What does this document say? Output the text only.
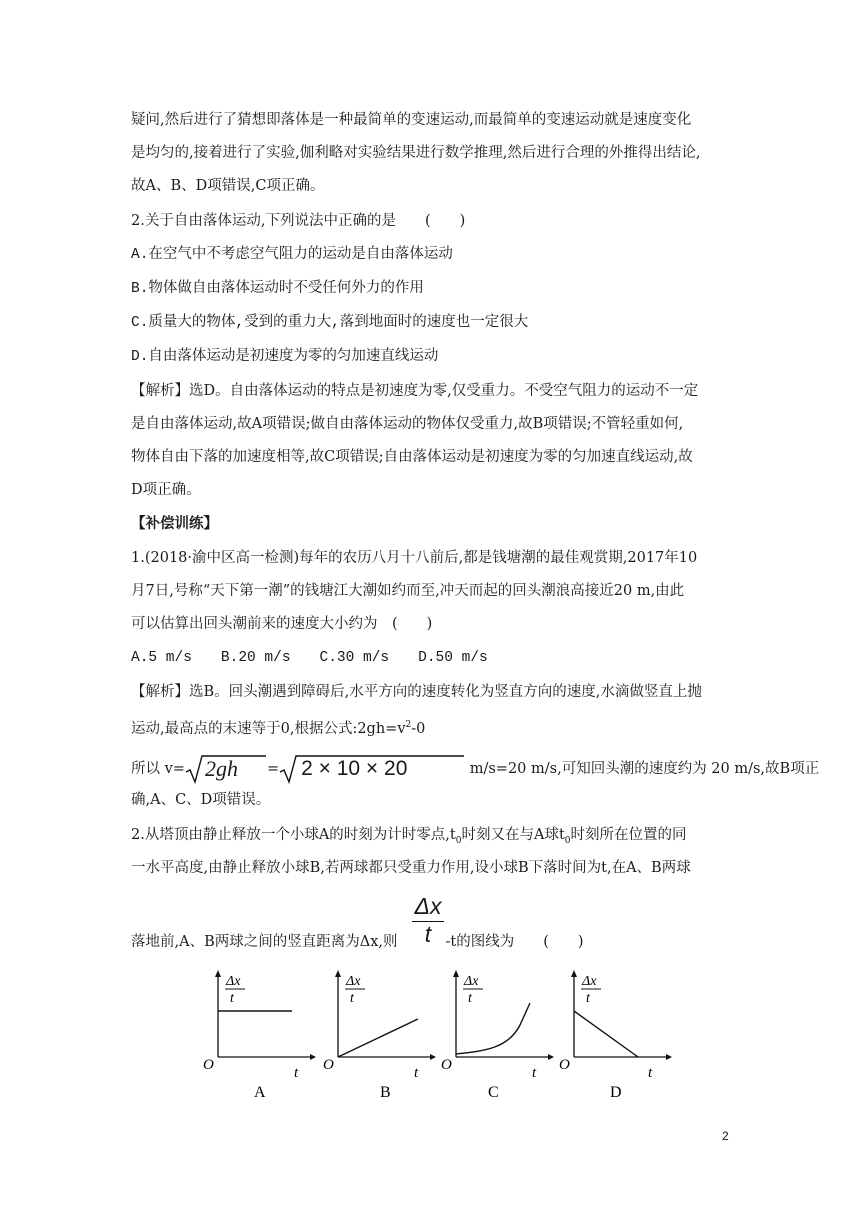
疑问,然后进行了猜想即落体是一种最简单的变速运动,而最简单的变速运动就是速度变化
是均匀的,接着进行了实验,伽利略对实验结果进行数学推理,然后进行合理的外推得出结论,
故A、B、D项错误,C项正确。
2.关于自由落体运动,下列说法中正确的是　　(　　)
A.在空气中不考虑空气阻力的运动是自由落体运动
B.物体做自由落体运动时不受任何外力的作用
C.质量大的物体,受到的重力大,落到地面时的速度也一定很大
D.自由落体运动是初速度为零的匀加速直线运动
【解析】选D。自由落体运动的特点是初速度为零,仅受重力。不受空气阻力的运动不一定
是自由落体运动,故A项错误;做自由落体运动的物体仅受重力,故B项错误;不管轻重如何,
物体自由下落的加速度相等,故C项错误;自由落体运动是初速度为零的匀加速直线运动,故
D项正确。
【补偿训练】
1.(2018·渝中区高一检测)每年的农历八月十八前后,都是钱塘潮的最佳观赏期,2017年10
月7日,号称“天下第一潮”的钱塘江大潮如约而至,冲天而起的回头潮浪高接近20 m,由此
可以估算出回头潮前来的速度大小约为　(　　)
A.5 m/s　　B.20 m/s　　C.30 m/s　　D.50 m/s
【解析】选B。回头潮遇到障碍后,水平方向的速度转化为竖直方向的速度,水滴做竖直上抛
运动,最高点的末速等于0,根据公式$:2gh=v^2-0$
所以 v= 2gh = 2 × 10 × 20	m/s=20 m/s,可知回头潮的速度约为 20 m/s,故B项正
确,A、C、D项错误。
2.从塔顶由静止释放一个小球A的时刻为计时零点$,t_0$时刻又在与A球$t_0$时刻所在位置的同
一水平高度,由静止释放小球B,若两球都只受重力作用,设小球B下落时间为t,在A、B两球
落地前,A、B两球之间的竖直距离为Δx,则	-t的图线为　　(　　)
Δx
t
Δx
t
O	t
A
Δx
t
O	t
B
Δx
t
O	t
C
Δx
t
O	t
D
2
